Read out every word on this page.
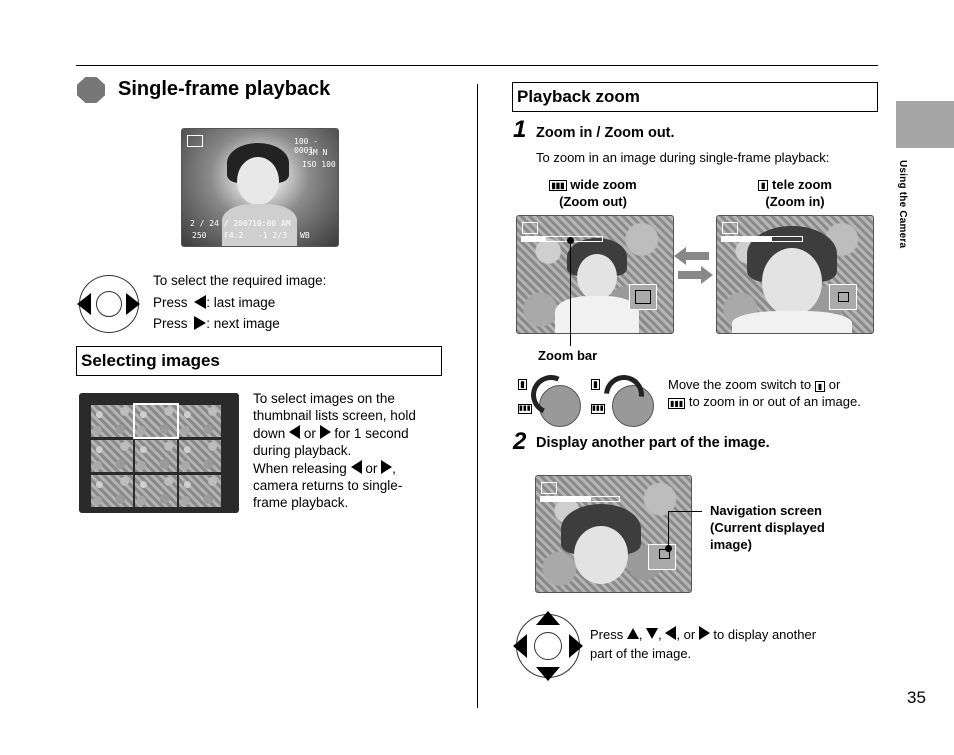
Using the Camera
Single-frame playback
100 - 0001
3M N
ISO 100
2 / 24 / 2007 10:00 AM
250 F4.2 -1 2/3 WB
To select the required image:
Press : last image
Press : next image
Selecting images
To select images on the
thumbnail lists screen, hold
down or for 1 second
during playback.
When releasing or ,
camera returns to single-
frame playback.
Playback zoom
1 Zoom in / Zoom out.
To zoom in an image during single-frame playback:
▮▮▮ wide zoom
(Zoom out)
▮ tele zoom
(Zoom in)
Zoom bar
▮
▮▮▮
▮
▮▮▮
Move the zoom switch to ▮ or
▮▮▮ to zoom in or out of an image.
2 Display another part of the image.
Navigation screen
(Current displayed
image)
Press , , , or to display another
part of the image.
35
